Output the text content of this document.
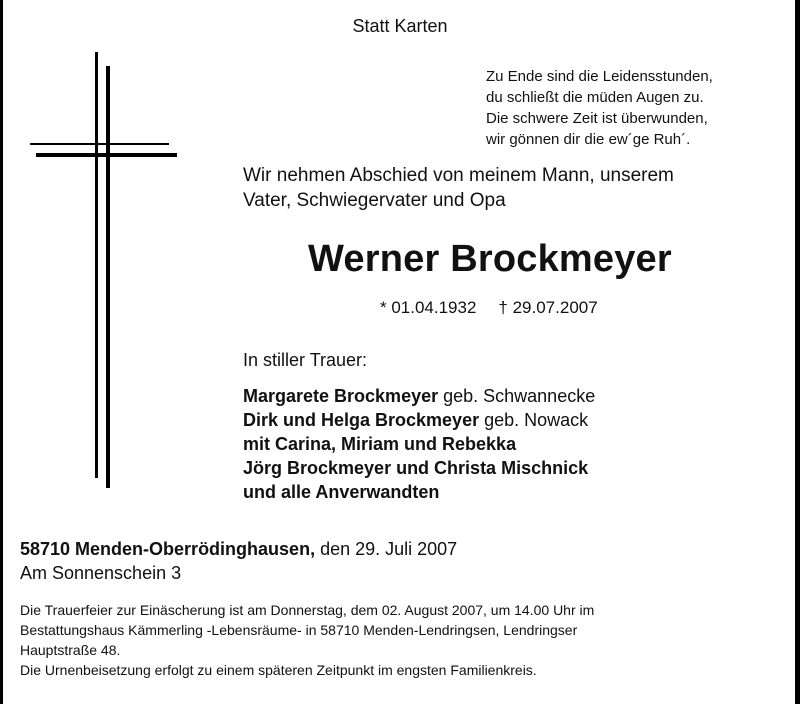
Statt Karten
Zu Ende sind die Leidensstunden,
du schließt die müden Augen zu.
Die schwere Zeit ist überwunden,
wir gönnen dir die ew´ge Ruh´.
Wir nehmen Abschied von meinem Mann, unserem
Vater, Schwiegervater und Opa
Werner Brockmeyer
* 01.04.1932 † 29.07.2007
In stiller Trauer:
Margarete Brockmeyer geb. Schwannecke
Dirk und Helga Brockmeyer geb. Nowack
mit Carina, Miriam und Rebekka
Jörg Brockmeyer und Christa Mischnick
und alle Anverwandten
58710 Menden-Oberrödinghausen, den 29. Juli 2007
Am Sonnenschein 3
Die Trauerfeier zur Einäscherung ist am Donnerstag, dem 02. August 2007, um 14.00 Uhr im
Bestattungshaus Kämmerling -Lebensräume- in 58710 Menden-Lendringsen, Lendringser
Hauptstraße 48.
Die Urnenbeisetzung erfolgt zu einem späteren Zeitpunkt im engsten Familienkreis.
